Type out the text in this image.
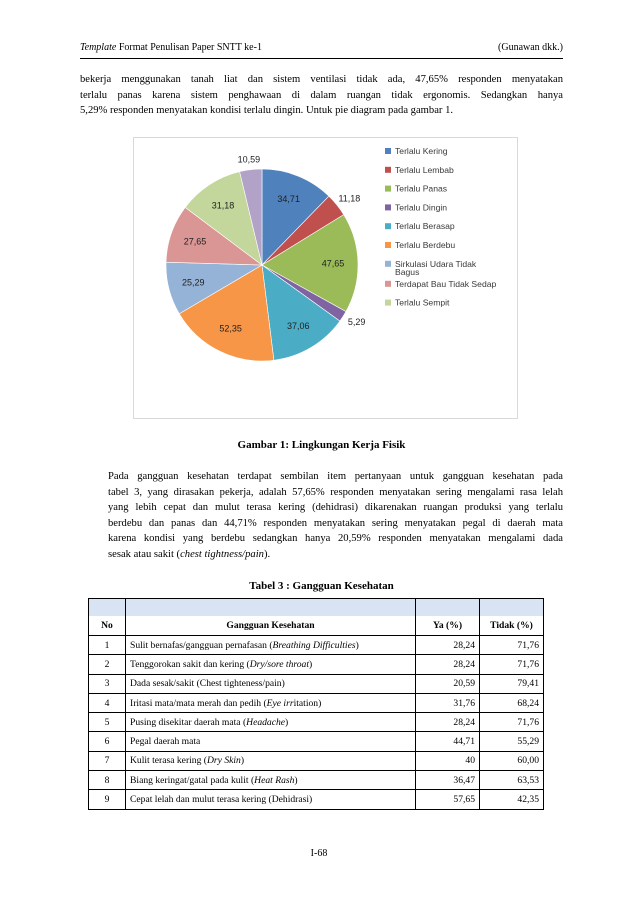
Template Format Penulisan Paper SNTT ke-1	(Gunawan dkk.)
bekerja menggunakan tanah liat dan sistem ventilasi tidak ada, 47,65% responden menyatakan
terlalu panas karena sistem penghawaan di dalam ruangan tidak ergonomis. Sedangkan hanya
5,29% responden menyatakan kondisi terlalu dingin. Untuk pie diagram pada gambar 1.
34,71	11,18
47,65
5,29
37,06
52,35
25,29
27,65
31,18
10,59
Terlalu Kering
Terlalu Lembab
Terlalu Panas
Terlalu Dingin
Terlalu Berasap
Terlalu Berdebu
Sirkulasi Udara Tidak
Bagus
Terdapat Bau Tidak Sedap
Terlalu Sempit
Gambar 1: Lingkungan Kerja Fisik
Pada gangguan kesehatan terdapat sembilan item pertanyaan untuk gangguan kesehatan pada
tabel 3, yang dirasakan pekerja, adalah 57,65% responden menyatakan sering mengalami rasa lelah
yang lebih cepat dan mulut terasa kering (dehidrasi) dikarenakan ruangan produksi yang terlalu
berdebu dan panas dan 44,71% responden menyatakan sering menyatakan pegal di daerah mata
karena kondisi yang berdebu sedangkan hanya 20,59% responden menyatakan mengalami dada
sesak atau sakit (chest tightness/pain).
Tabel 3 : Gangguan Kesehatan

No	Gangguan Kesehatan	Ya (%)	Tidak (%)
1	Sulit bernafas/gangguan pernafasan (Breathing Difficulties)	28,24	71,76
2	Tenggorokan sakit dan kering (Dry/sore throat)	28,24	71,76
3	Dada sesak/sakit (Chest tighteness/pain)	20,59	79,41
4	Iritasi mata/mata merah dan pedih (Eye irritation)	31,76	68,24
5	Pusing disekitar daerah mata (Headache)	28,24	71,76
6	Pegal daerah mata	44,71	55,29
7	Kulit terasa kering (Dry Skin)	40	60,00
8	Biang keringat/gatal pada kulit (Heat Rash)	36,47	63,53
9	Cepat lelah dan mulut terasa kering (Dehidrasi)	57,65	42,35
I-68
